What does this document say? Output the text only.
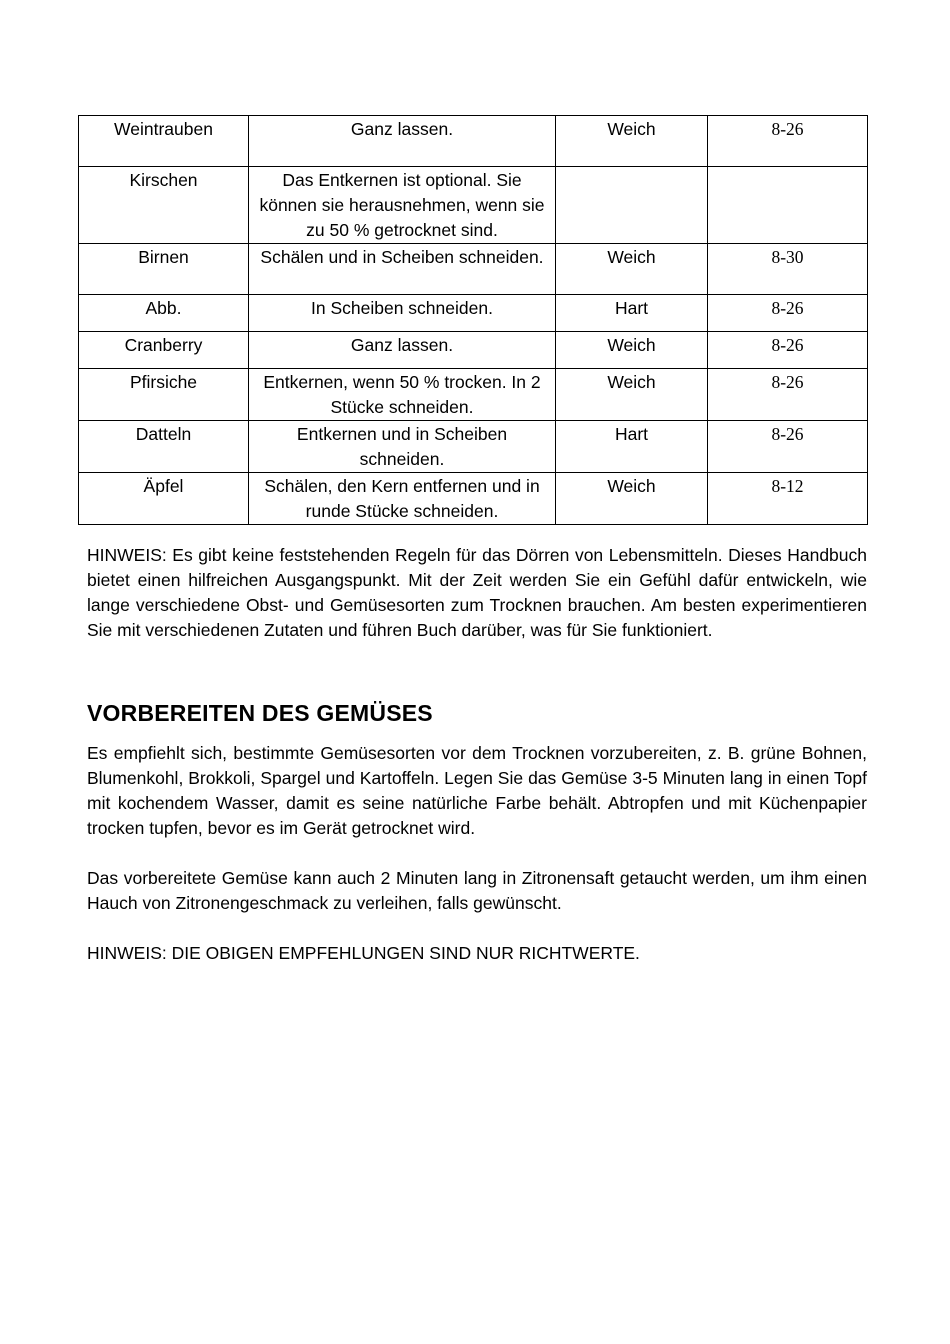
Weintrauben	Ganz lassen.	Weich	8-26
Kirschen	Das Entkernen ist optional. Sie können sie herausnehmen, wenn sie zu 50 % getrocknet sind.		
Birnen	Schälen und in Scheiben schneiden.	Weich	8-30
Abb.	In Scheiben schneiden.	Hart	8-26
Cranberry	Ganz lassen.	Weich	8-26
Pfirsiche	Entkernen, wenn 50 % trocken. In 2 Stücke schneiden.	Weich	8-26
Datteln	Entkernen und in Scheiben schneiden.	Hart	8-26
Äpfel	Schälen, den Kern entfernen und in runde Stücke schneiden.	Weich	8-12

HINWEIS: Es gibt keine feststehenden Regeln für das Dörren von Lebensmitteln. Dieses Handbuch bietet einen hilfreichen Ausgangspunkt. Mit der Zeit werden Sie ein Gefühl dafür entwickeln, wie lange verschiedene Obst- und Gemüsesorten zum Trocknen brauchen. Am besten experimentieren Sie mit verschiedenen Zutaten und führen Buch darüber, was für Sie funktioniert.

VORBEREITEN DES GEMÜSES

Es empfiehlt sich, bestimmte Gemüsesorten vor dem Trocknen vorzubereiten, z. B. grüne Bohnen, Blumenkohl, Brokkoli, Spargel und Kartoffeln. Legen Sie das Gemüse 3-5 Minuten lang in einen Topf mit kochendem Wasser, damit es seine natürliche Farbe behält. Abtropfen und mit Küchenpapier trocken tupfen, bevor es im Gerät getrocknet wird.

Das vorbereitete Gemüse kann auch 2 Minuten lang in Zitronensaft getaucht werden, um ihm einen Hauch von Zitronengeschmack zu verleihen, falls gewünscht.

HINWEIS: DIE OBIGEN EMPFEHLUNGEN SIND NUR RICHTWERTE.
